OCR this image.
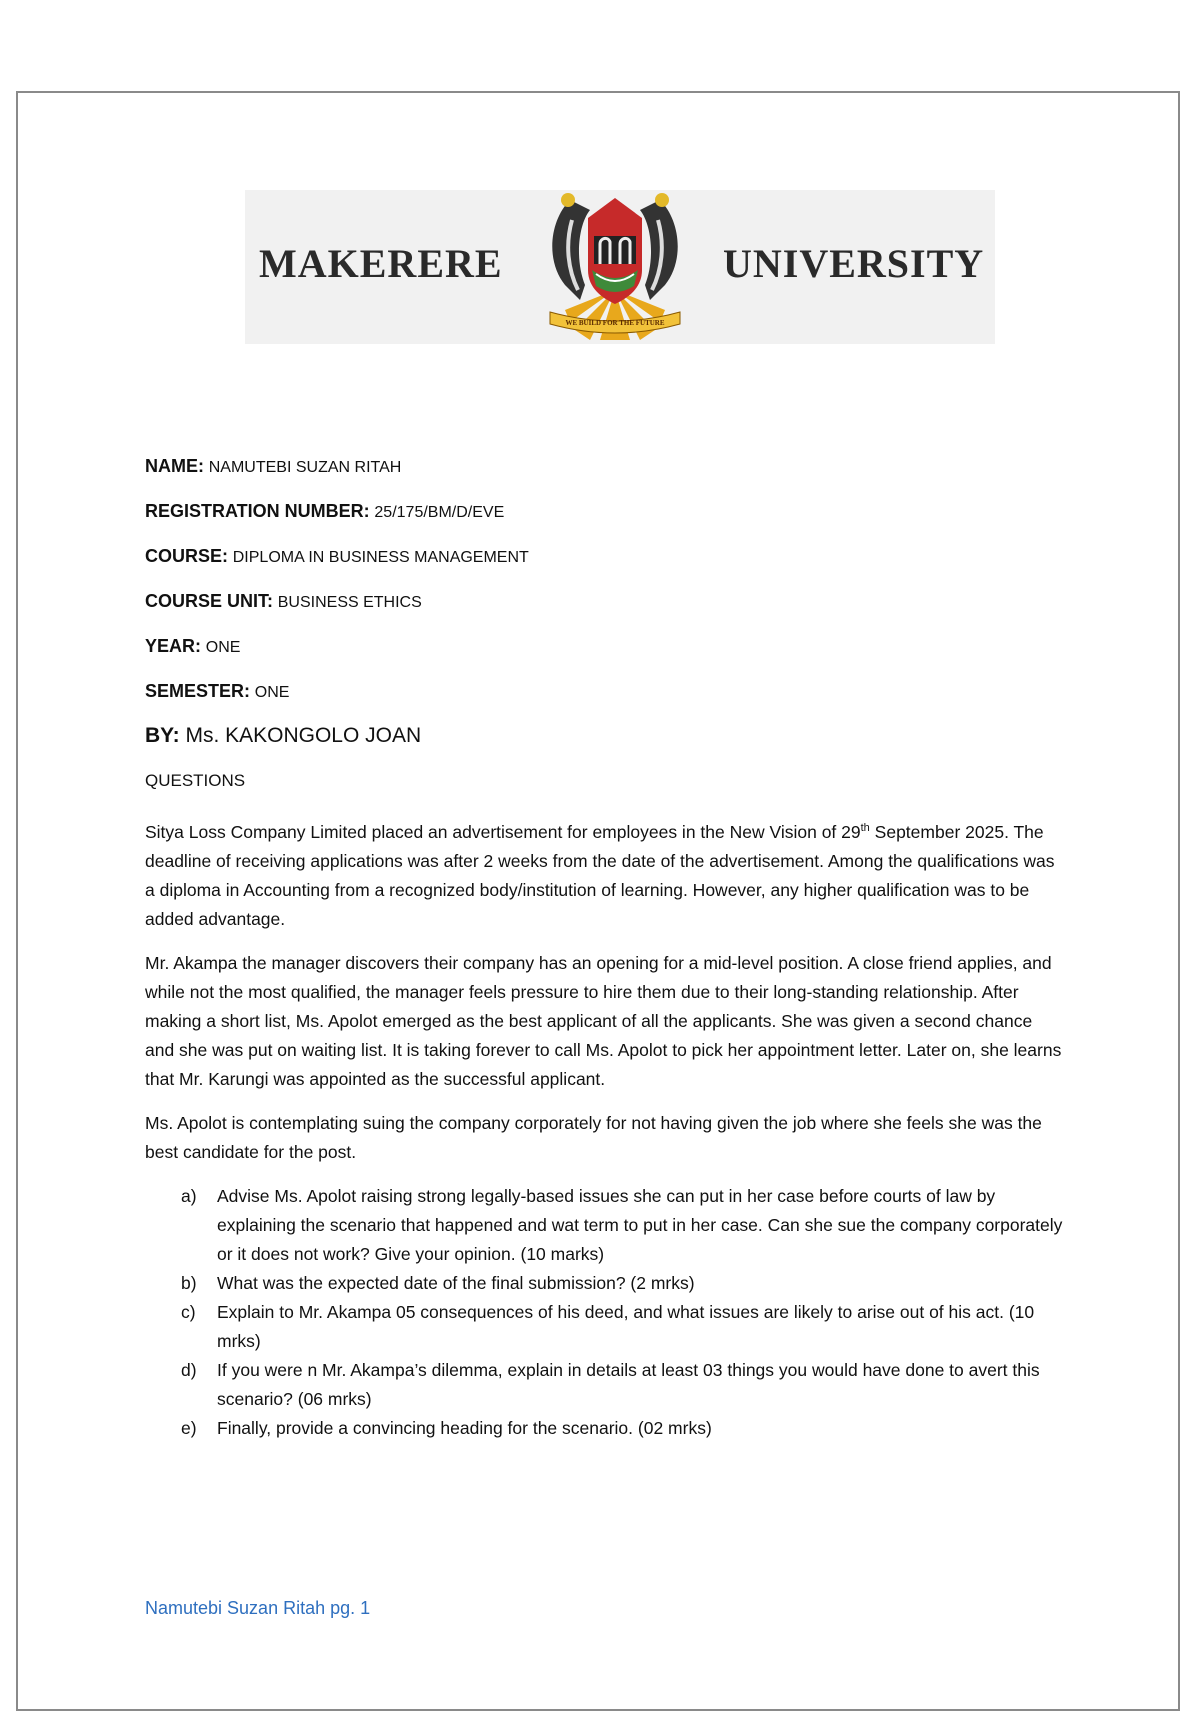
MAKERERE
WE BUILD FOR THE FUTURE
UNIVERSITY
NAME: NAMUTEBI SUZAN RITAH
REGISTRATION NUMBER: 25/175/BM/D/EVE
COURSE: DIPLOMA IN BUSINESS MANAGEMENT
COURSE UNIT: BUSINESS ETHICS
YEAR: ONE
SEMESTER: ONE
BY: Ms. KAKONGOLO JOAN
QUESTIONS

Sitya Loss Company Limited placed an advertisement for employees in the New Vision of 29th September 2025. The deadline of receiving applications was after 2 weeks from the date of the advertisement. Among the qualifications was a diploma in Accounting from a recognized body/institution of learning. However, any higher qualification was to be added advantage.

Mr. Akampa the manager discovers their company has an opening for a mid-level position. A close friend applies, and while not the most qualified, the manager feels pressure to hire them due to their long-standing relationship. After making a short list, Ms. Apolot emerged as the best applicant of all the applicants. She was given a second chance and she was put on waiting list. It is taking forever to call Ms. Apolot to pick her appointment letter. Later on, she learns that Mr. Karungi was appointed as the successful applicant.

Ms. Apolot is contemplating suing the company corporately for not having given the job where she feels she was the best candidate for the post.

a) Advise Ms. Apolot raising strong legally-based issues she can put in her case before courts of law by explaining the scenario that happened and wat term to put in her case. Can she sue the company corporately or it does not work? Give your opinion. (10 marks)
b) What was the expected date of the final submission? (2 mrks)
c) Explain to Mr. Akampa 05 consequences of his deed, and what issues are likely to arise out of his act. (10 mrks)
d) If you were n Mr. Akampa’s dilemma, explain in details at least 03 things you would have done to avert this scenario? (06 mrks)
e) Finally, provide a convincing heading for the scenario. (02 mrks)
Namutebi Suzan Ritah pg. 1
